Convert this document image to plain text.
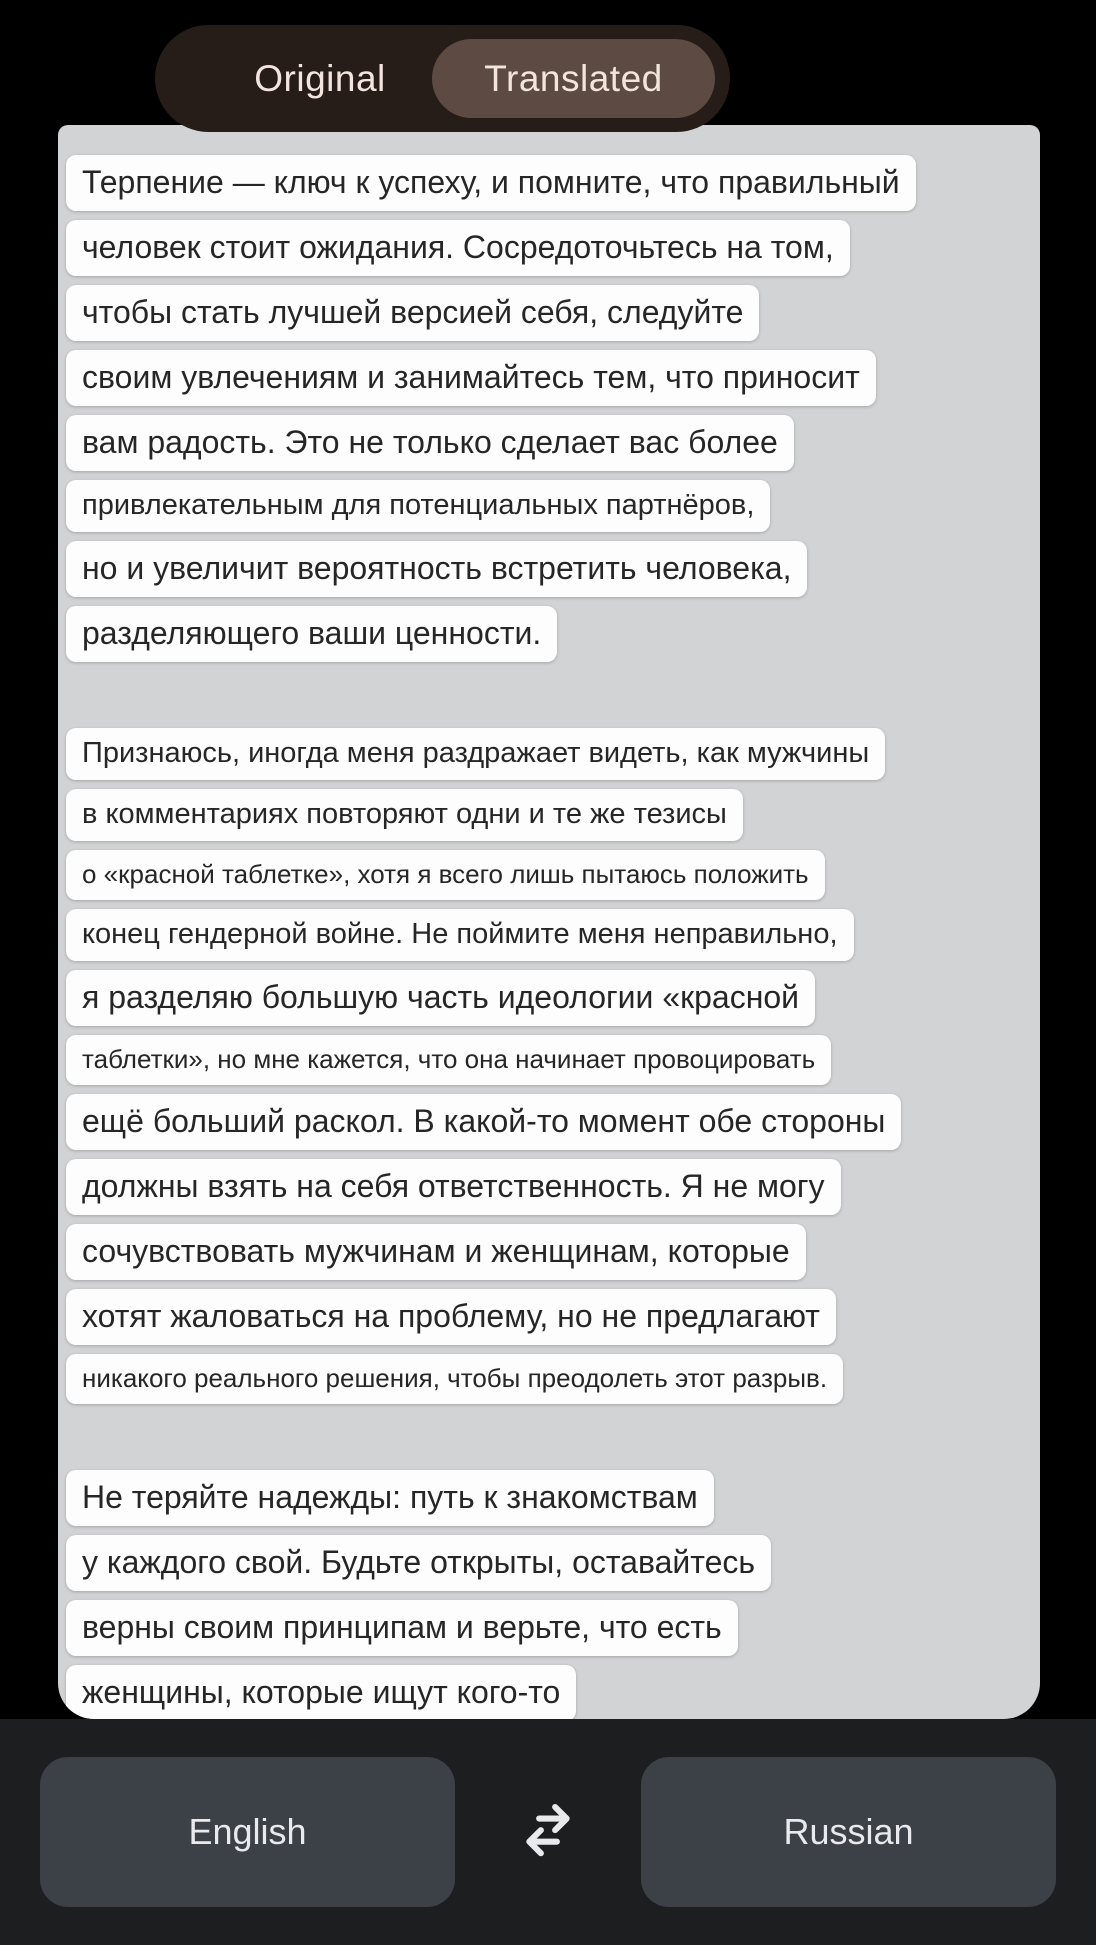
Original	Translated
Терпение — ключ к успеху, и помните, что правильный
человек стоит ожидания. Сосредоточьтесь на том,
чтобы стать лучшей версией себя, следуйте
своим увлечениям и занимайтесь тем, что приносит
вам радость. Это не только сделает вас более
привлекательным для потенциальных партнёров,
но и увеличит вероятность встретить человека,
разделяющего ваши ценности.
Признаюсь, иногда меня раздражает видеть, как мужчины
в комментариях повторяют одни и те же тезисы
о «красной таблетке», хотя я всего лишь пытаюсь положить
конец гендерной войне. Не поймите меня неправильно,
я разделяю большую часть идеологии «красной
таблетки», но мне кажется, что она начинает провоцировать
ещё больший раскол. В какой-то момент обе стороны
должны взять на себя ответственность. Я не могу
сочувствовать мужчинам и женщинам, которые
хотят жаловаться на проблему, но не предлагают
никакого реального решения, чтобы преодолеть этот разрыв.
Не теряйте надежды: путь к знакомствам
у каждого свой. Будьте открыты, оставайтесь
верны своим принципам и верьте, что есть
женщины, которые ищут кого-то
English	Russian
